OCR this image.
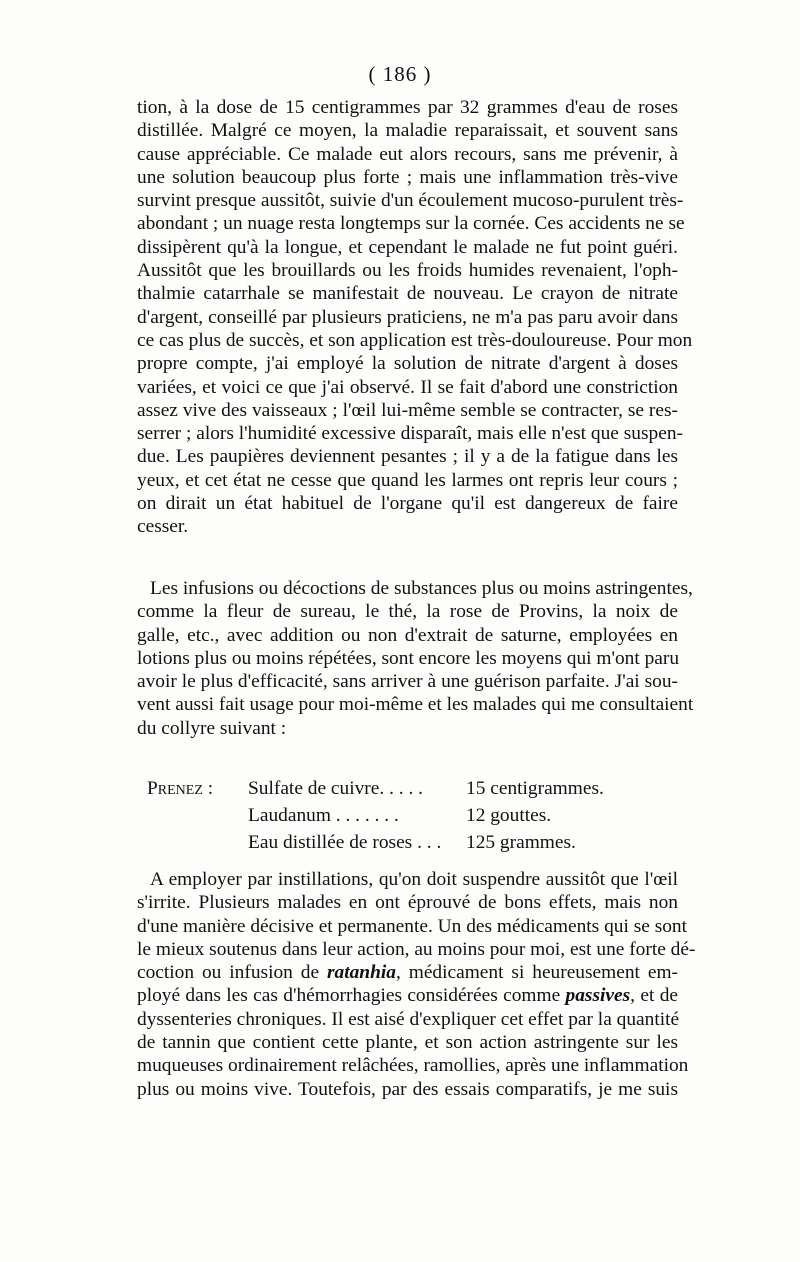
( 186 )
tion, à la dose de 15 centigrammes par 32 grammes d'eau de roses
distillée. Malgré ce moyen, la maladie reparaissait, et souvent sans
cause appréciable. Ce malade eut alors recours, sans me prévenir, à
une solution beaucoup plus forte ; mais une inflammation très-vive
survint presque aussitôt, suivie d'un écoulement mucoso-purulent très-
abondant ; un nuage resta longtemps sur la cornée. Ces accidents ne se
dissipèrent qu'à la longue, et cependant le malade ne fut point guéri.
Aussitôt que les brouillards ou les froids humides revenaient, l'oph-
thalmie catarrhale se manifestait de nouveau. Le crayon de nitrate
d'argent, conseillé par plusieurs praticiens, ne m'a pas paru avoir dans
ce cas plus de succès, et son application est très-douloureuse. Pour mon
propre compte, j'ai employé la solution de nitrate d'argent à doses
variées, et voici ce que j'ai observé. Il se fait d'abord une constriction
assez vive des vaisseaux ; l'œil lui-même semble se contracter, se res-
serrer ; alors l'humidité excessive disparaît, mais elle n'est que suspen-
due. Les paupières deviennent pesantes ; il y a de la fatigue dans les
yeux, et cet état ne cesse que quand les larmes ont repris leur cours ;
on dirait un état habituel de l'organe qu'il est dangereux de faire
cesser.
Les infusions ou décoctions de substances plus ou moins astringentes,
comme la fleur de sureau, le thé, la rose de Provins, la noix de
galle, etc., avec addition ou non d'extrait de saturne, employées en
lotions plus ou moins répétées, sont encore les moyens qui m'ont paru
avoir le plus d'efficacité, sans arriver à une guérison parfaite. J'ai sou-
vent aussi fait usage pour moi-même et les malades qui me consultaient
du collyre suivant :
Prenez : Sulfate de cuivre. . . . . 15 centigrammes.
Laudanum . . . . . . .	12 gouttes.
Eau distillée de roses . . . 125 grammes.
A employer par instillations, qu'on doit suspendre aussitôt que l'œil
s'irrite. Plusieurs malades en ont éprouvé de bons effets, mais non
d'une manière décisive et permanente. Un des médicaments qui se sont
le mieux soutenus dans leur action, au moins pour moi, est une forte dé-
coction ou infusion de ratanhia, médicament si heureusement em-
ployé dans les cas d'hémorrhagies considérées comme passives, et de
dyssenteries chroniques. Il est aisé d'expliquer cet effet par la quantité
de tannin que contient cette plante, et son action astringente sur les
muqueuses ordinairement relâchées, ramollies, après une inflammation
plus ou moins vive. Toutefois, par des essais comparatifs, je me suis
